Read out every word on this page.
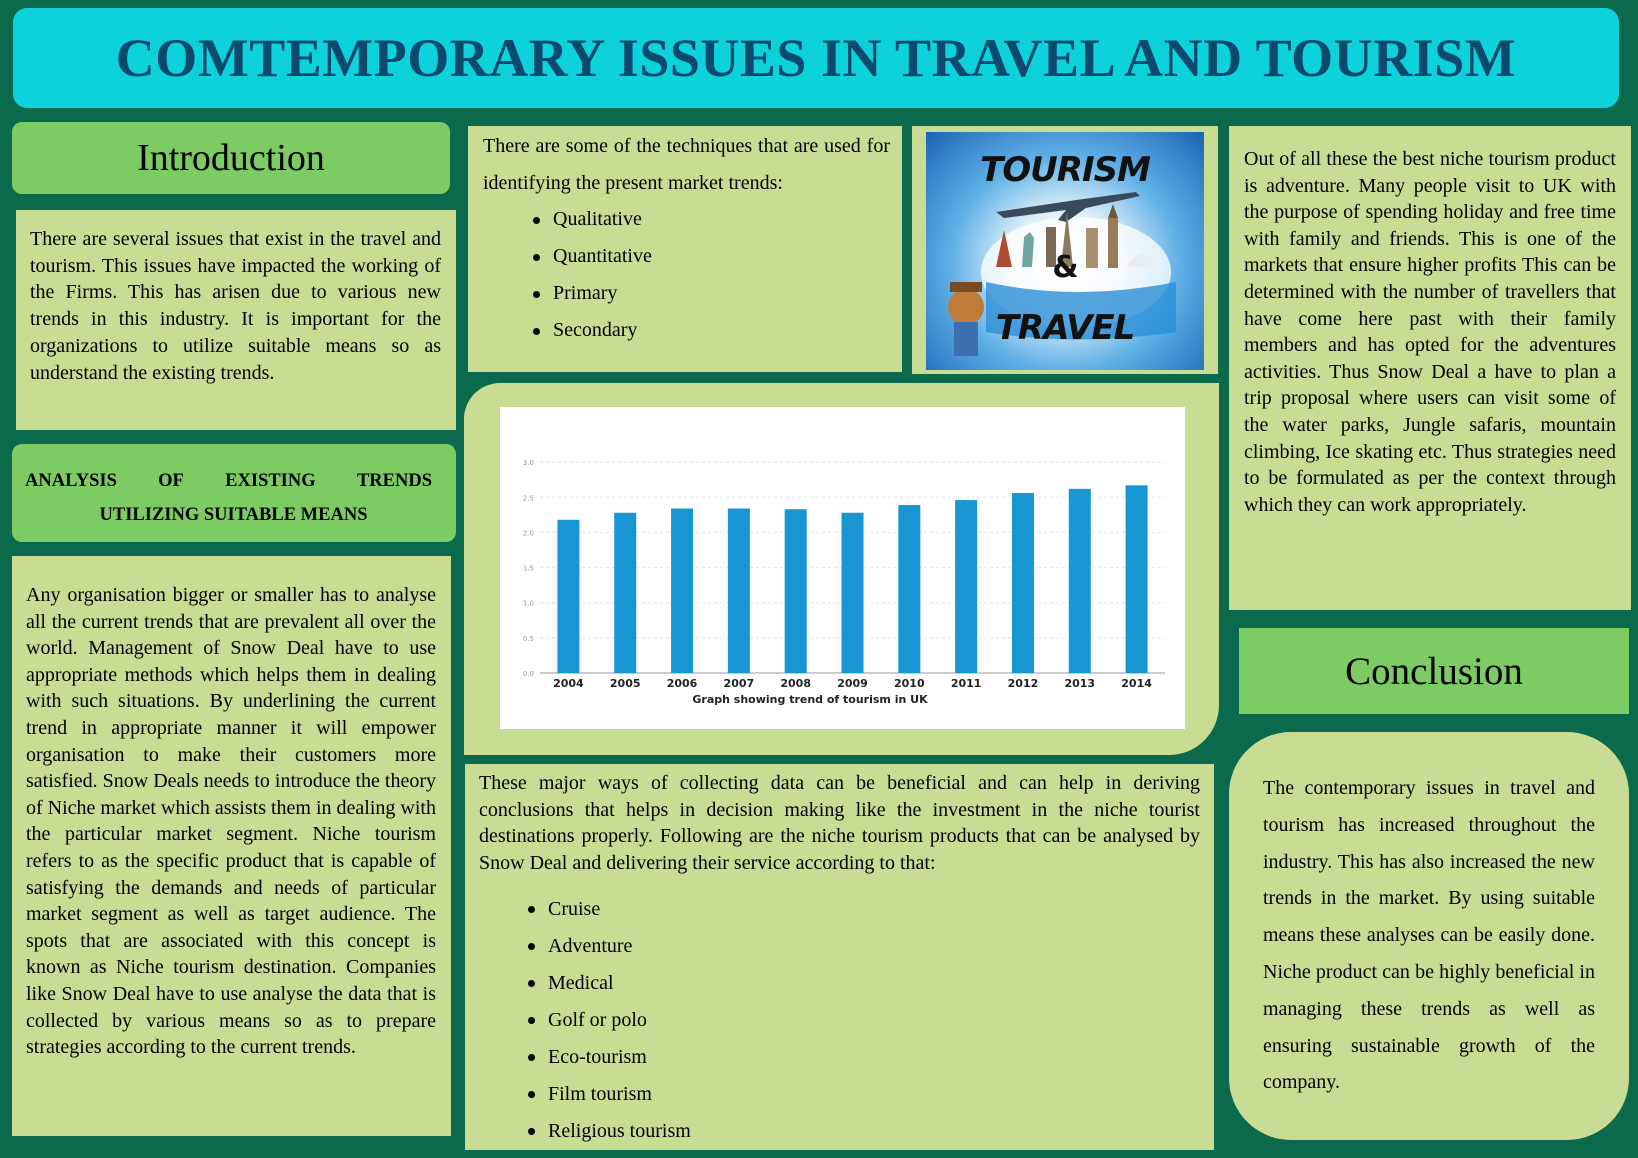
COMTEMPORARY ISSUES IN TRAVEL AND TOURISM
Introduction
There are several issues that exist in the travel and tourism. This issues have impacted the working of the Firms. This has arisen due to various new trends in this industry. It is important for the organizations to utilize suitable means so as understand the existing trends.
ANALYSIS OF EXISTING TRENDS
UTILIZING SUITABLE MEANS
Any organisation bigger or smaller has to analyse all the current trends that are prevalent all over the world. Management of Snow Deal have to use appropriate methods which helps them in dealing with such situations. By underlining the current trend in appropriate manner it will empower organisation to make their customers more satisfied. Snow Deals needs to introduce the theory of Niche market which assists them in dealing with the particular market segment. Niche tourism refers to as the specific product that is capable of satisfying the demands and needs of particular market segment as well as target audience. The spots that are associated with this concept is known as Niche tourism destination. Companies like Snow Deal have to use analyse the data that is collected by various means so as to prepare strategies according to the current trends.

There are some of the techniques that are used for identifying the present market trends:

Qualitative
Quantitative
Primary
Secondary
TOURISM
&
TRAVEL
0.0
0.5
1.0
1.5
2.0
2.5
3.0
2004 2005 2006 2007 2008 2009 2010 2011 2012 2013 2014
Graph showing trend of tourism in UK

These major ways of collecting data can be beneficial and can help in deriving conclusions that helps in decision making like the investment in the niche tourist destinations properly. Following are the niche tourism products that can be analysed by Snow Deal and delivering their service according to that:

Cruise
Adventure
Medical
Golf or polo
Eco-tourism
Film tourism
Religious tourism
Out of all these the best niche tourism product is adventure. Many people visit to UK with the purpose of spending holiday and free time with family and friends. This is one of the markets that ensure higher profits This can be determined with the number of travellers that have come here past with their family members and has opted for the adventures activities. Thus Snow Deal a have to plan a trip proposal where users can visit some of the water parks, Jungle safaris, mountain climbing, Ice skating etc. Thus strategies need to be formulated as per the context through which they can work appropriately.
Conclusion
The contemporary issues in travel and tourism has increased throughout the industry. This has also increased the new trends in the market. By using suitable means these analyses can be easily done. Niche product can be highly beneficial in managing these trends as well as ensuring sustainable growth of the company.
